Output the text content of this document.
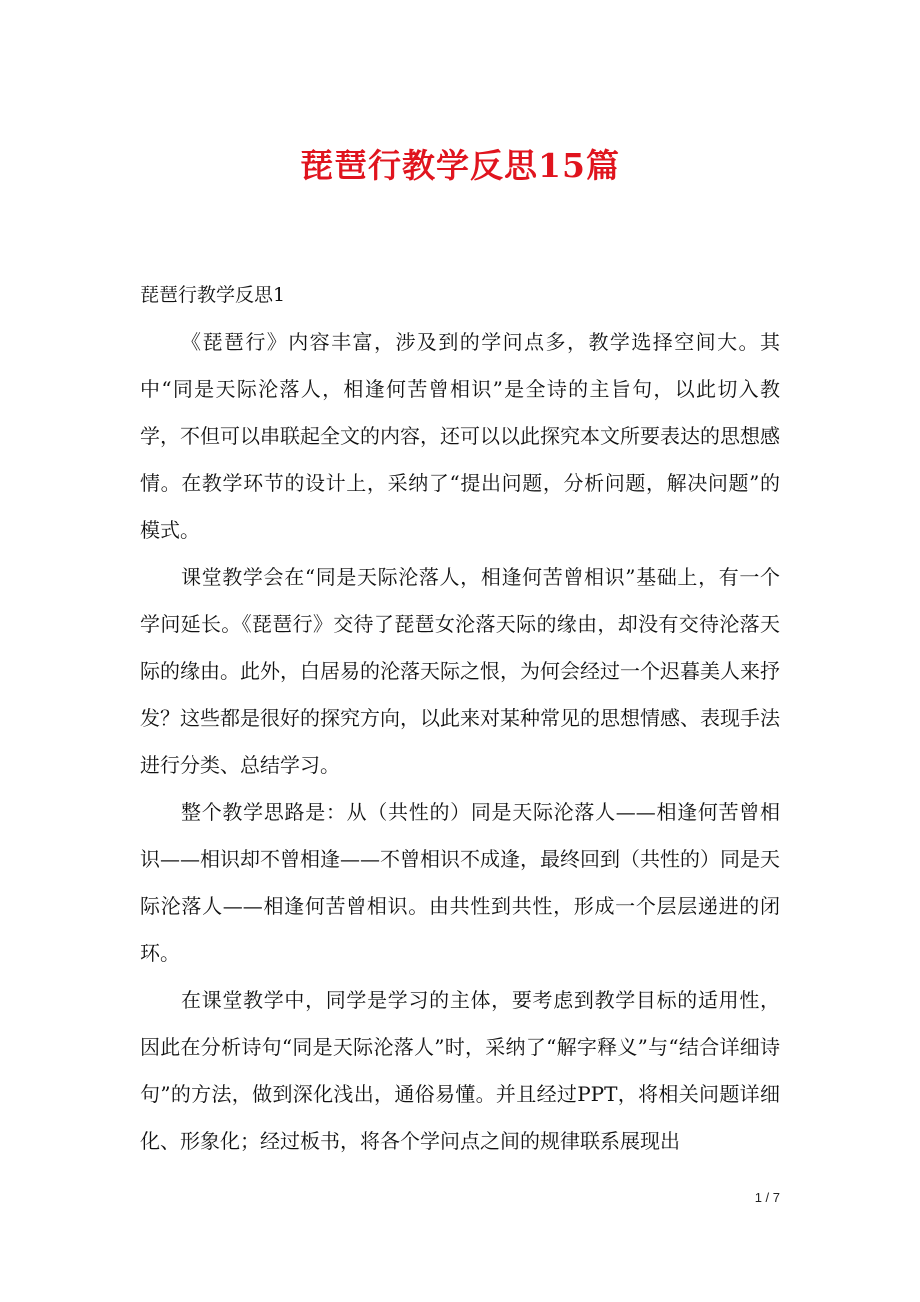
琵琶行教学反思15篇

琵琶行教学反思1

《琵琶行》内容丰富，涉及到的学问点多，教学选择空间大。其中“同是天际沦落人，相逢何苦曾相识”是全诗的主旨句，以此切入教学，不但可以串联起全文的内容，还可以以此探究本文所要表达的思想感情。在教学环节的设计上，采纳了“提出问题，分析问题，解决问题”的模式。

课堂教学会在“同是天际沦落人，相逢何苦曾相识”基础上，有一个学问延长。《琵琶行》交待了琵琶女沦落天际的缘由，却没有交待沦落天际的缘由。此外，白居易的沦落天际之恨，为何会经过一个迟暮美人来抒发？这些都是很好的探究方向，以此来对某种常见的思想情感、表现手法进行分类、总结学习。

整个教学思路是：从（共性的）同是天际沦落人——相逢何苦曾相识——相识却不曾相逢——不曾相识不成逢，最终回到（共性的）同是天际沦落人——相逢何苦曾相识。由共性到共性，形成一个层层递进的闭环。

在课堂教学中，同学是学习的主体，要考虑到教学目标的适用性，因此在分析诗句“同是天际沦落人”时，采纳了“解字释义”与“结合详细诗句”的方法，做到深化浅出，通俗易懂。并且经过PPT，将相关问题详细化、形象化；经过板书，将各个学问点之间的规律联系展现出

1 / 7
